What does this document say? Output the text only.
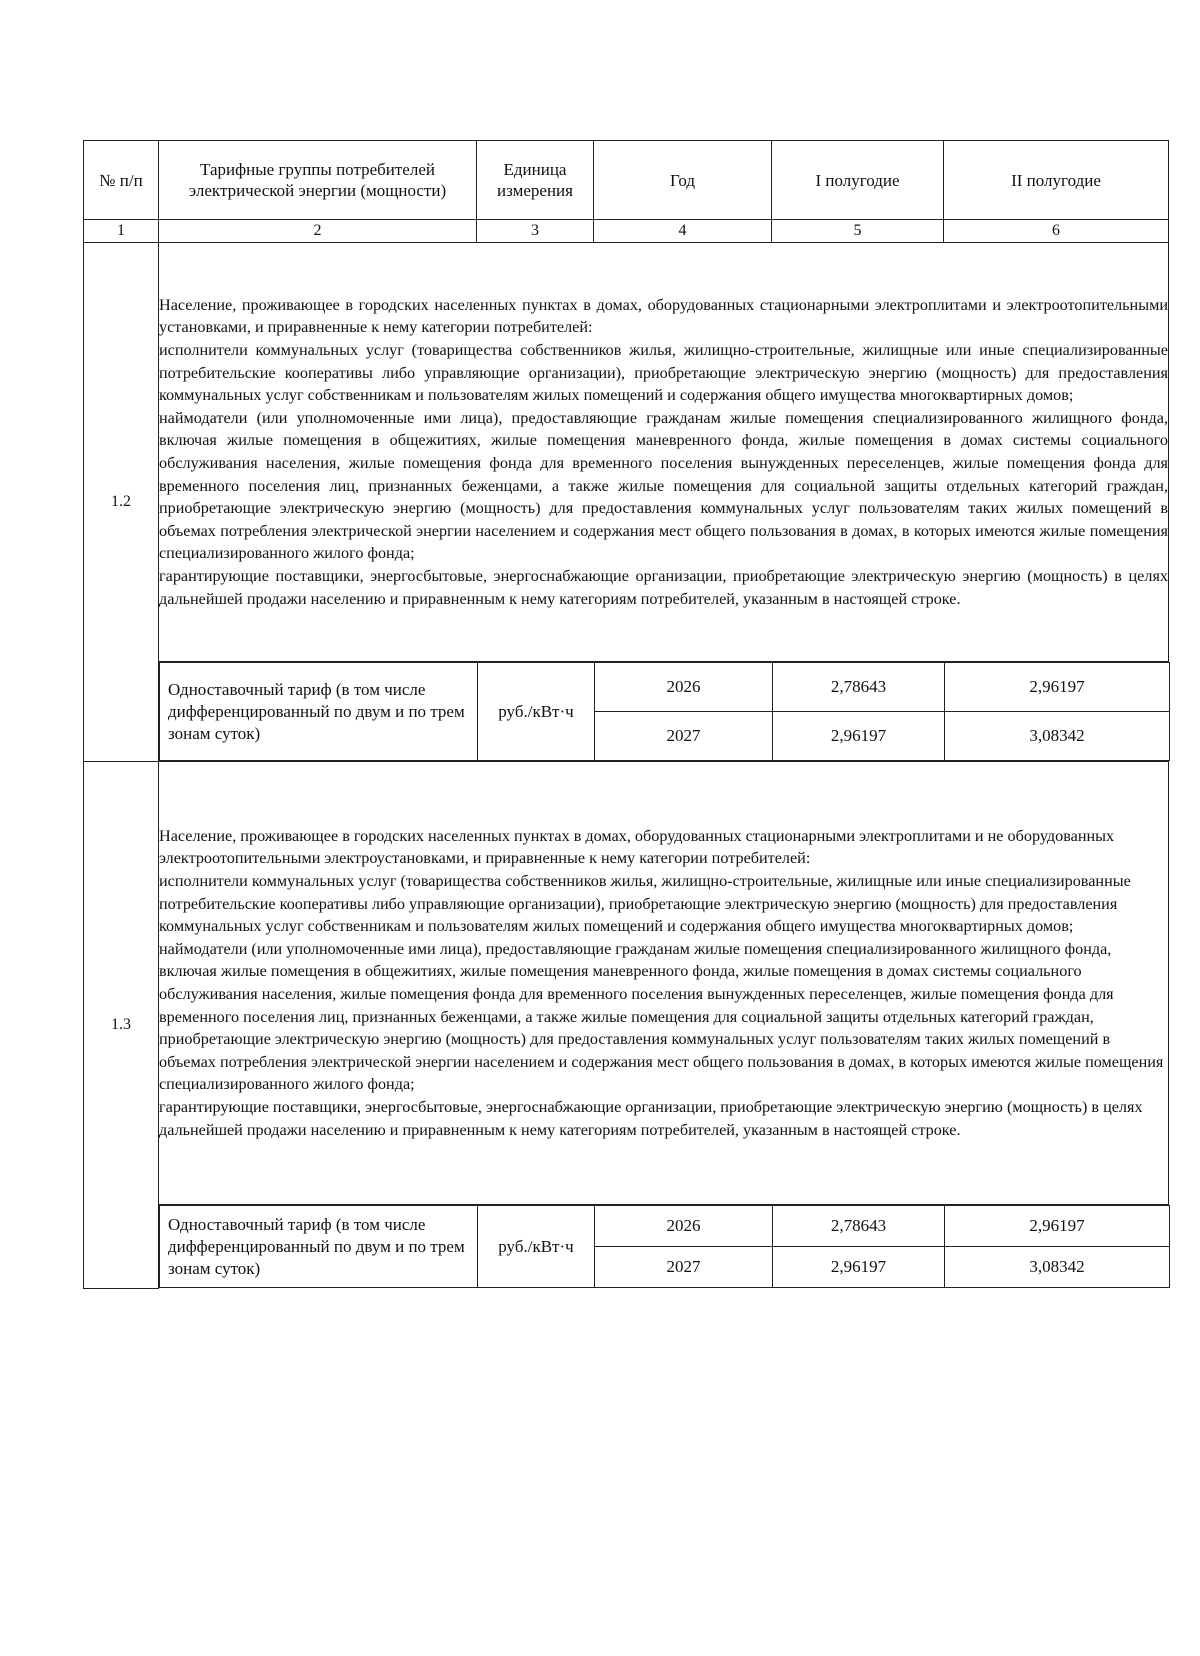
№ п/п	Тарифные группы потребителей электрической энергии (мощности)	Единица измерения	Год	I полугодие	II полугодие
1	2	3	4	5	6
1.2	

Население, проживающее в городских населенных пунктах в домах, оборудованных стационарными электроплитами и электроотопительными установками, и приравненные к нему категории потребителей:

исполнители коммунальных услуг (товарищества собственников жилья, жилищно-строительные, жилищные или иные специализированные потребительские кооперативы либо управляющие организации), приобретающие электрическую энергию (мощность) для предоставления коммунальных услуг собственникам и пользователям жилых помещений и содержания общего имущества многоквартирных домов;

наймодатели (или уполномоченные ими лица), предоставляющие гражданам жилые помещения специализированного жилищного фонда, включая жилые помещения в общежитиях, жилые помещения маневренного фонда, жилые помещения в домах системы социального обслуживания населения, жилые помещения фонда для временного поселения вынужденных переселенцев, жилые помещения фонда для временного поселения лиц, признанных беженцами, а также жилые помещения для социальной защиты отдельных категорий граждан, приобретающие электрическую энергию (мощность) для предоставления коммунальных услуг пользователям таких жилых помещений в объемах потребления электрической энергии населением и содержания мест общего пользования в домах, в которых имеются жилые помещения специализированного жилого фонда;

гарантирующие поставщики, энергосбытовые, энергоснабжающие организации, приобретающие электрическую энергию (мощность) в целях дальнейшей продажи населению и приравненным к нему категориям потребителей, указанным в настоящей строке.

Одноставочный тариф (в том числе дифференцированный по двум и по трем зонам суток)	руб./кВт·ч	2026	2,78643	2,96197
2027	2,96197	3,08342

1.3	

Население, проживающее в городских населенных пунктах в домах, оборудованных стационарными электроплитами и не оборудованных электроотопительными электроустановками, и приравненные к нему категории потребителей:

исполнители коммунальных услуг (товарищества собственников жилья, жилищно-строительные, жилищные или иные специализированные потребительские кооперативы либо управляющие организации), приобретающие электрическую энергию (мощность) для предоставления коммунальных услуг собственникам и пользователям жилых помещений и содержания общего имущества многоквартирных домов;

наймодатели (или уполномоченные ими лица), предоставляющие гражданам жилые помещения специализированного жилищного фонда, включая жилые помещения в общежитиях, жилые помещения маневренного фонда, жилые помещения в домах системы социального обслуживания населения, жилые помещения фонда для временного поселения вынужденных переселенцев, жилые помещения фонда для временного поселения лиц, признанных беженцами, а также жилые помещения для социальной защиты отдельных категорий граждан, приобретающие электрическую энергию (мощность) для предоставления коммунальных услуг пользователям таких жилых помещений в объемах потребления электрической энергии населением и содержания мест общего пользования в домах, в которых имеются жилые помещения специализированного жилого фонда;

гарантирующие поставщики, энергосбытовые, энергоснабжающие организации, приобретающие электрическую энергию (мощность) в целях дальнейшей продажи населению и приравненным к нему категориям потребителей, указанным в настоящей строке.

Одноставочный тариф (в том числе дифференцированный по двум и по трем зонам суток)	руб./кВт·ч	2026	2,78643	2,96197
2027	2,96197	3,08342
